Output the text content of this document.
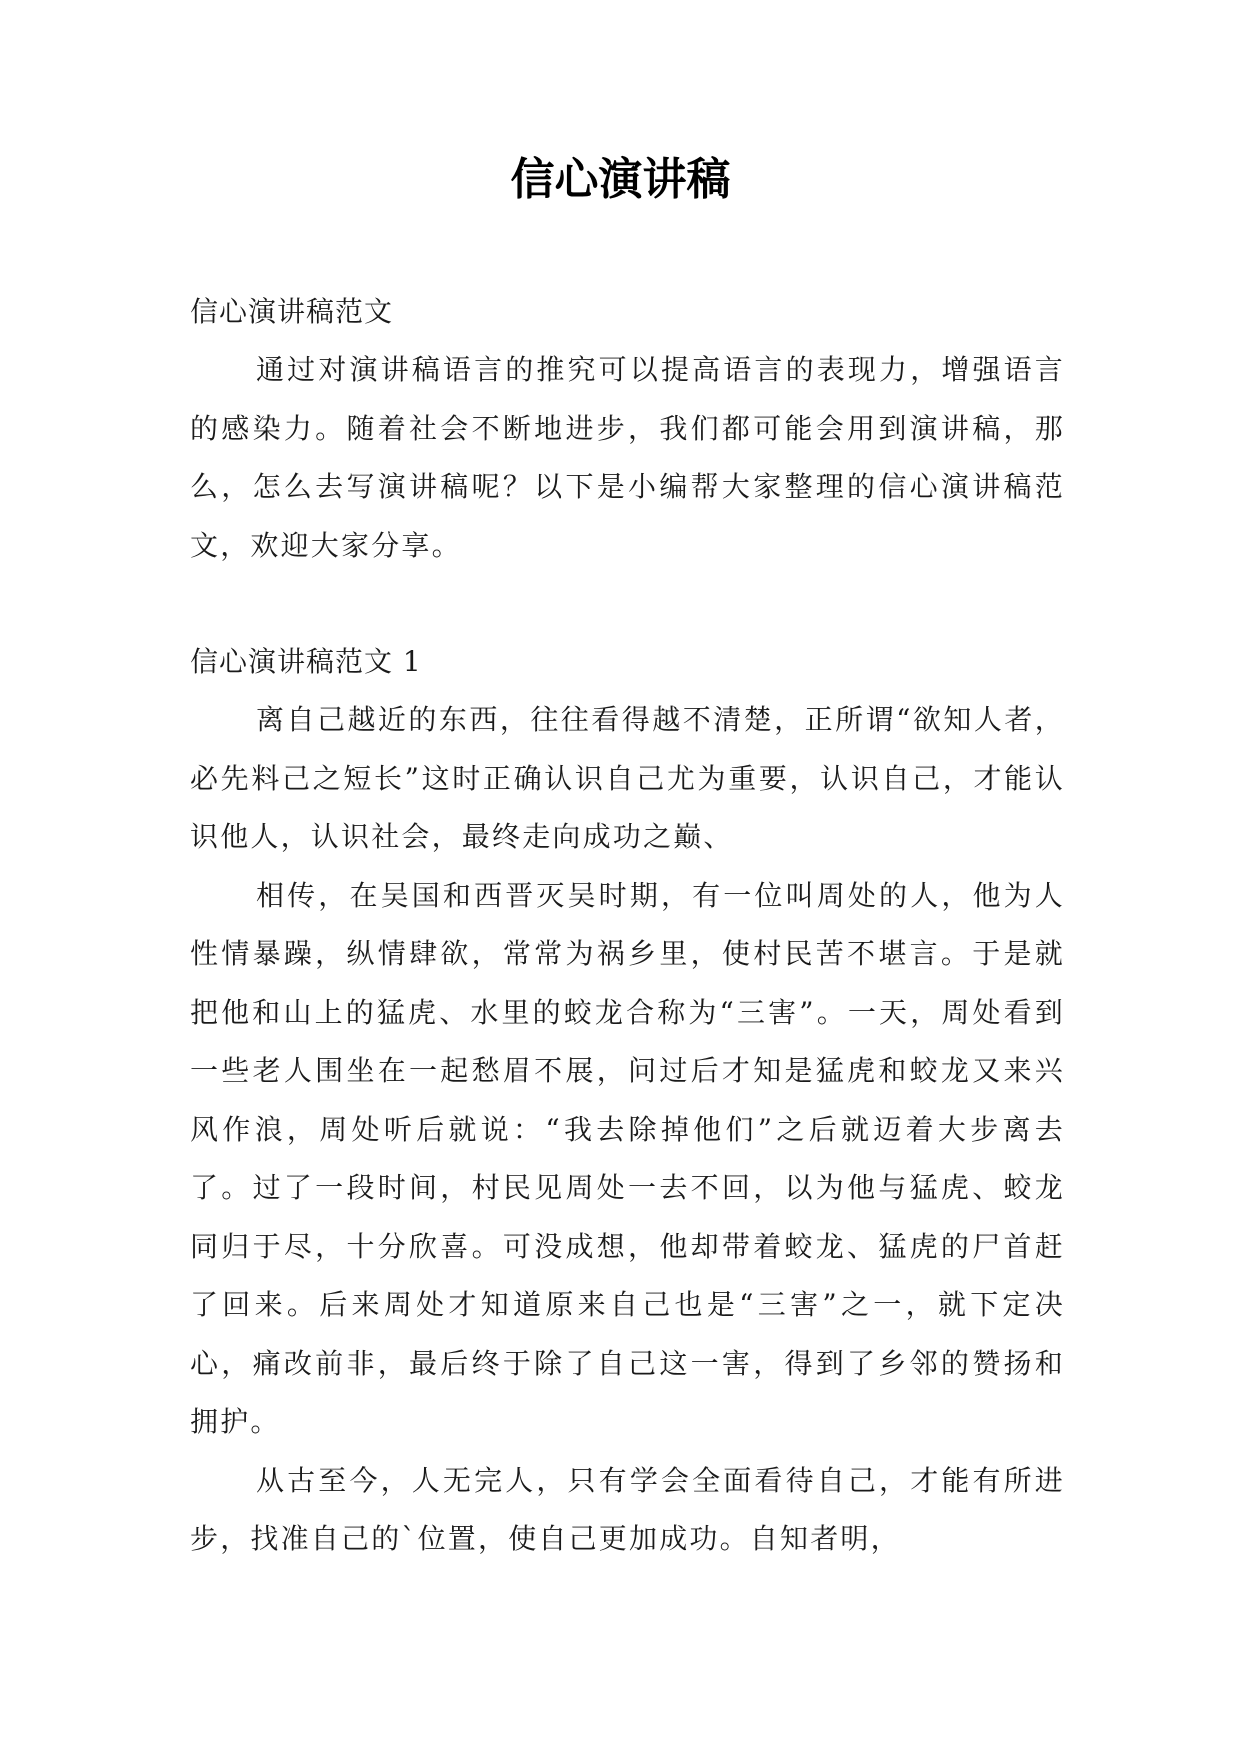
信心演讲稿

信心演讲稿范文

通过对演讲稿语言的推究可以提高语言的表现力，增强语言的感染力。随着社会不断地进步，我们都可能会用到演讲稿，那么，怎么去写演讲稿呢？以下是小编帮大家整理的信心演讲稿范文，欢迎大家分享。

信心演讲稿范文 1

离自己越近的东西，往往看得越不清楚，正所谓“欲知人者，必先料己之短长”这时正确认识自己尤为重要，认识自己，才能认识他人，认识社会，最终走向成功之巅、

相传，在吴国和西晋灭吴时期，有一位叫周处的人，他为人性情暴躁，纵情肆欲，常常为祸乡里，使村民苦不堪言。于是就把他和山上的猛虎、水里的蛟龙合称为“三害”。一天，周处看到一些老人围坐在一起愁眉不展，问过后才知是猛虎和蛟龙又来兴风作浪，周处听后就说：“我去除掉他们”之后就迈着大步离去了。过了一段时间，村民见周处一去不回，以为他与猛虎、蛟龙同归于尽，十分欣喜。可没成想，他却带着蛟龙、猛虎的尸首赶了回来。后来周处才知道原来自己也是“三害”之一，就下定决心，痛改前非，最后终于除了自己这一害，得到了乡邻的赞扬和拥护。

从古至今，人无完人，只有学会全面看待自己，才能有所进步，找准自己的`位置，使自己更加成功。自知者明，
